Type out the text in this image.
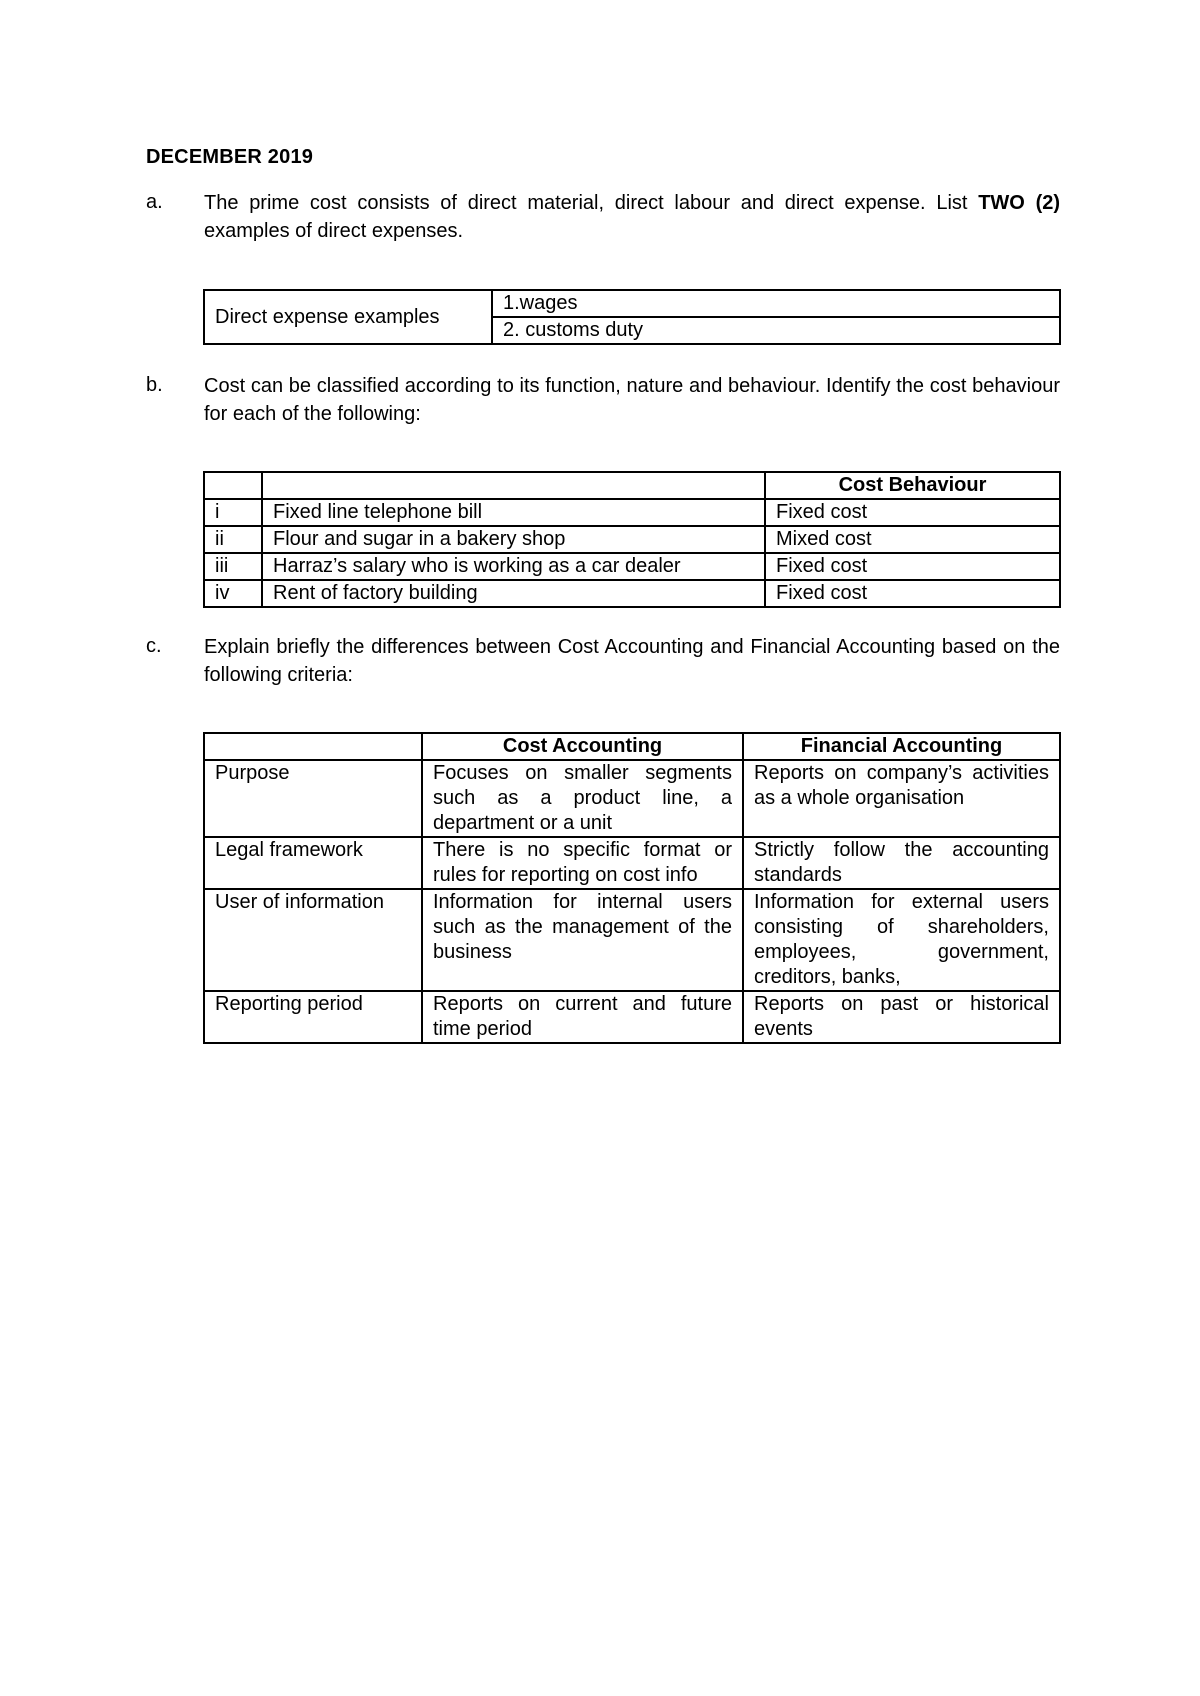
DECEMBER 2019
a. The prime cost consists of direct material, direct labour and direct expense. List TWO (2) examples of direct expenses.
Direct expense examples	1.wages
2. customs duty
b. Cost can be classified according to its function, nature and behaviour. Identify the cost behaviour for each of the following:
		Cost Behaviour
i	Fixed line telephone bill	Fixed cost
ii	Flour and sugar in a bakery shop	Mixed cost
iii	Harraz’s salary who is working as a car dealer	Fixed cost
iv	Rent of factory building	Fixed cost
c. Explain briefly the differences between Cost Accounting and Financial Accounting based on the following criteria:
	Cost Accounting	Financial Accounting
Purpose	Focuses on smaller segments such as a product line, a department or a unit	Reports on company’s activities as a whole organisation
Legal framework	There is no specific format or rules for reporting on cost info	Strictly follow the accounting standards
User of information	Information for internal users such as the management of the business	Information for external users consisting of shareholders, employees, government, creditors, banks,
Reporting period	Reports on current and future time period	Reports on past or historical events
